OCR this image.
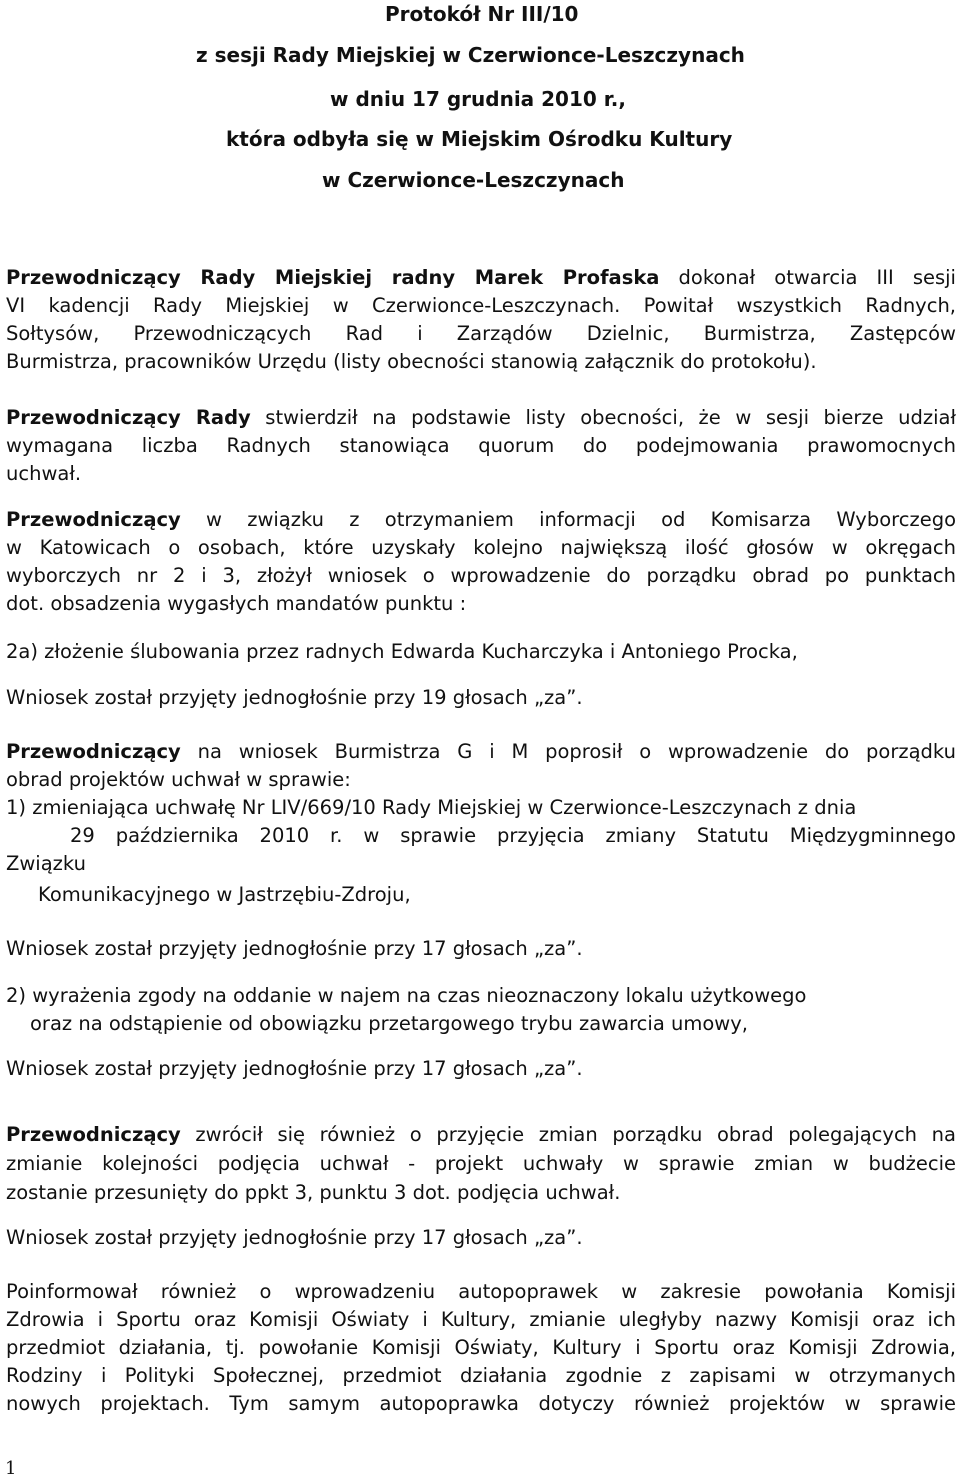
Protokół Nr III/10
z sesji Rady Miejskiej w Czerwionce-Leszczynach
w dniu 17 grudnia 2010 r.,
która odbyła się w Miejskim Ośrodku Kultury
w Czerwionce-Leszczynach
Przewodniczący Rady Miejskiej radny Marek Profaska dokonał otwarcia III sesji
VI kadencji Rady Miejskiej w Czerwionce-Leszczynach. Powitał wszystkich Radnych,
Sołtysów, Przewodniczących Rad i Zarządów Dzielnic, Burmistrza, Zastępców
Burmistrza, pracowników Urzędu (listy obecności stanowią załącznik do protokołu).
Przewodniczący Rady stwierdził na podstawie listy obecności, że w sesji bierze udział
wymagana liczba Radnych stanowiąca quorum do podejmowania prawomocnych
uchwał.
Przewodniczący w związku z otrzymaniem informacji od Komisarza Wyborczego
w Katowicach o osobach, które uzyskały kolejno największą ilość głosów w okręgach
wyborczych nr 2 i 3, złożył wniosek o wprowadzenie do porządku obrad po punktach
dot. obsadzenia wygasłych mandatów punktu :
2a) złożenie ślubowania przez radnych Edwarda Kucharczyka i Antoniego Procka,
Wniosek został przyjęty jednogłośnie przy 19 głosach „za”.
Przewodniczący na wniosek Burmistrza G i M poprosił o wprowadzenie do porządku
obrad projektów uchwał w sprawie:
1) zmieniająca uchwałę Nr LIV/669/10 Rady Miejskiej w Czerwionce-Leszczynach z dnia
29 października 2010 r. w sprawie przyjęcia zmiany Statutu Międzygminnego
Związku
Komunikacyjnego w Jastrzębiu-Zdroju,
Wniosek został przyjęty jednogłośnie przy 17 głosach „za”.
2) wyrażenia zgody na oddanie w najem na czas nieoznaczony lokalu użytkowego
oraz na odstąpienie od obowiązku przetargowego trybu zawarcia umowy,
Wniosek został przyjęty jednogłośnie przy 17 głosach „za”.
Przewodniczący zwrócił się również o przyjęcie zmian porządku obrad polegających na
zmianie kolejności podjęcia uchwał - projekt uchwały w sprawie zmian w budżecie
zostanie przesunięty do ppkt 3, punktu 3 dot. podjęcia uchwał.
Wniosek został przyjęty jednogłośnie przy 17 głosach „za”.
Poinformował również o wprowadzeniu autopoprawek w zakresie powołania Komisji
Zdrowia i Sportu oraz Komisji Oświaty i Kultury, zmianie uległyby nazwy Komisji oraz ich
przedmiot działania, tj. powołanie Komisji Oświaty, Kultury i Sportu oraz Komisji Zdrowia,
Rodziny i Polityki Społecznej, przedmiot działania zgodnie z zapisami w otrzymanych
nowych projektach. Tym samym autopoprawka dotyczy również projektów w sprawie
1
